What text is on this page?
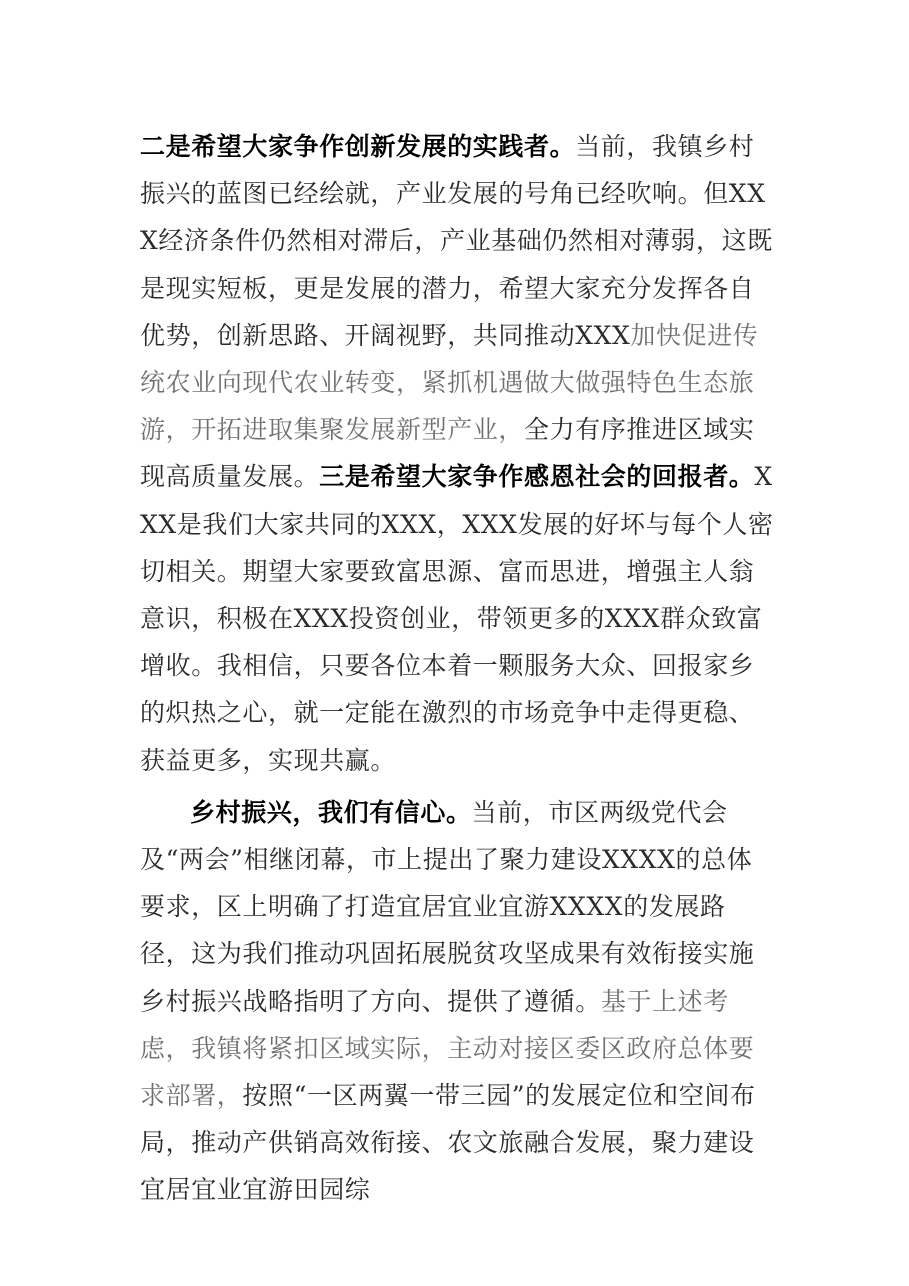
二是希望大家争作创新发展的实践者。当前，我镇乡村振兴的蓝图已经绘就，产业发展的号角已经吹响。但XXX经济条件仍然相对滞后，产业基础仍然相对薄弱，这既是现实短板，更是发展的潜力，希望大家充分发挥各自优势，创新思路、开阔视野，共同推动XXX加快促进传统农业向现代农业转变，紧抓机遇做大做强特色生态旅游，开拓进取集聚发展新型产业，全力有序推进区域实现高质量发展。三是希望大家争作感恩社会的回报者。XXX是我们大家共同的XXX，XXX发展的好坏与每个人密切相关。期望大家要致富思源、富而思进，增强主人翁意识，积极在XXX投资创业，带领更多的XXX群众致富增收。我相信，只要各位本着一颗服务大众、回报家乡的炽热之心，就一定能在激烈的市场竞争中走得更稳、获益更多，实现共赢。

乡村振兴，我们有信心。当前，市区两级党代会及“两会”相继闭幕，市上提出了聚力建设XXXX的总体要求，区上明确了打造宜居宜业宜游XXXX的发展路径，这为我们推动巩固拓展脱贫攻坚成果有效衔接实施乡村振兴战略指明了方向、提供了遵循。基于上述考虑，我镇将紧扣区域实际，主动对接区委区政府总体要求部署，按照“一区两翼一带三园”的发展定位和空间布局，推动产供销高效衔接、农文旅融合发展，聚力建设宜居宜业宜游田园综
